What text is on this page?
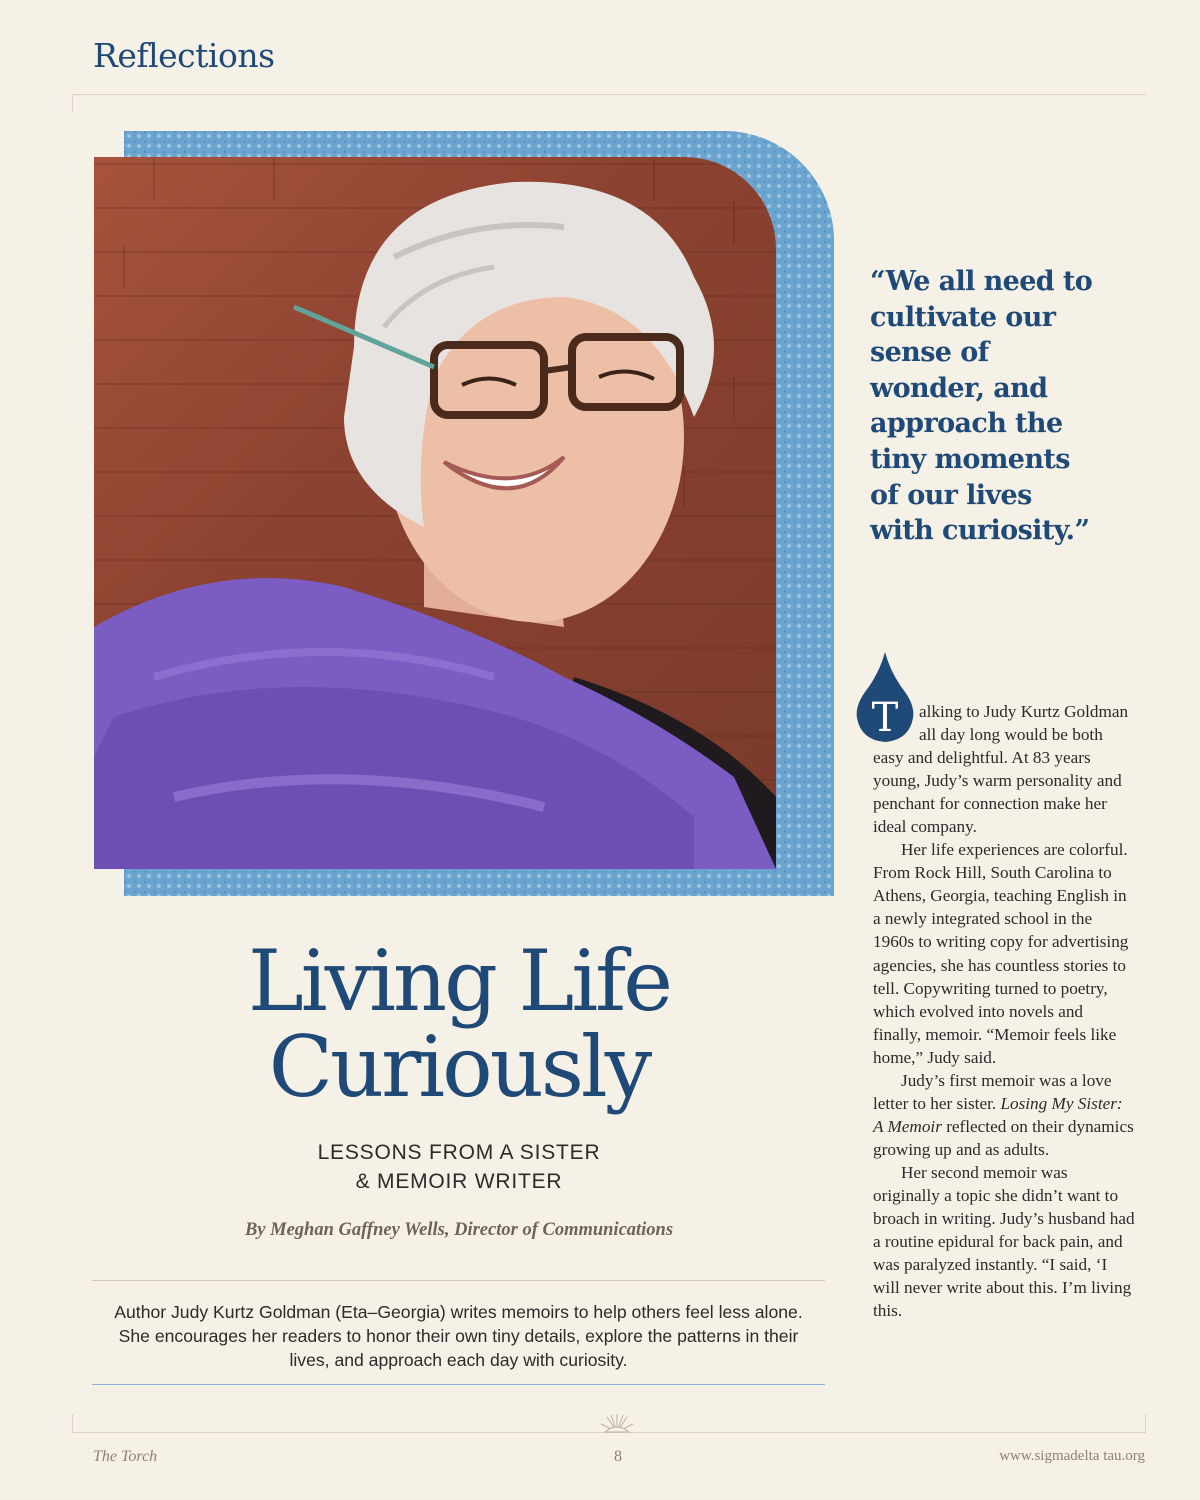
Reflections
“We all need to cultivate our sense of wonder, and approach the tiny moments of our lives with curiosity.”
Living Life
Curiously
LESSONS FROM A SISTER
& MEMOIR WRITER
By Meghan Gaffney Wells, Director of Communications
Author Judy Kurtz Goldman (Eta–Georgia) writes memoirs to help others feel less alone. She encourages her readers to honor their own tiny details, explore the patterns in their lives, and approach each day with curiosity.

T alking to Judy Kurtz Goldman all day long would be both easy and delightful. At 83 years young, Judy’s warm personality and penchant for connection make her ideal company.

Her life experiences are colorful. From Rock Hill, South Carolina to Athens, Georgia, teaching English in a newly integrated school in the 1960s to writing copy for advertising agencies, she has countless stories to tell. Copywriting turned to poetry, which evolved into novels and finally, memoir. “Memoir feels like home,” Judy said.

Judy’s first memoir was a love letter to her sister. Losing My Sister: A Memoir reflected on their dynamics growing up and as adults.

Her second memoir was originally a topic she didn’t want to broach in writing. Judy’s husband had a routine epidural for back pain, and was paralyzed instantly. “I said, ‘I will never write about this. I’m living this.

The Torch	8	www.sigmadelta tau.org
